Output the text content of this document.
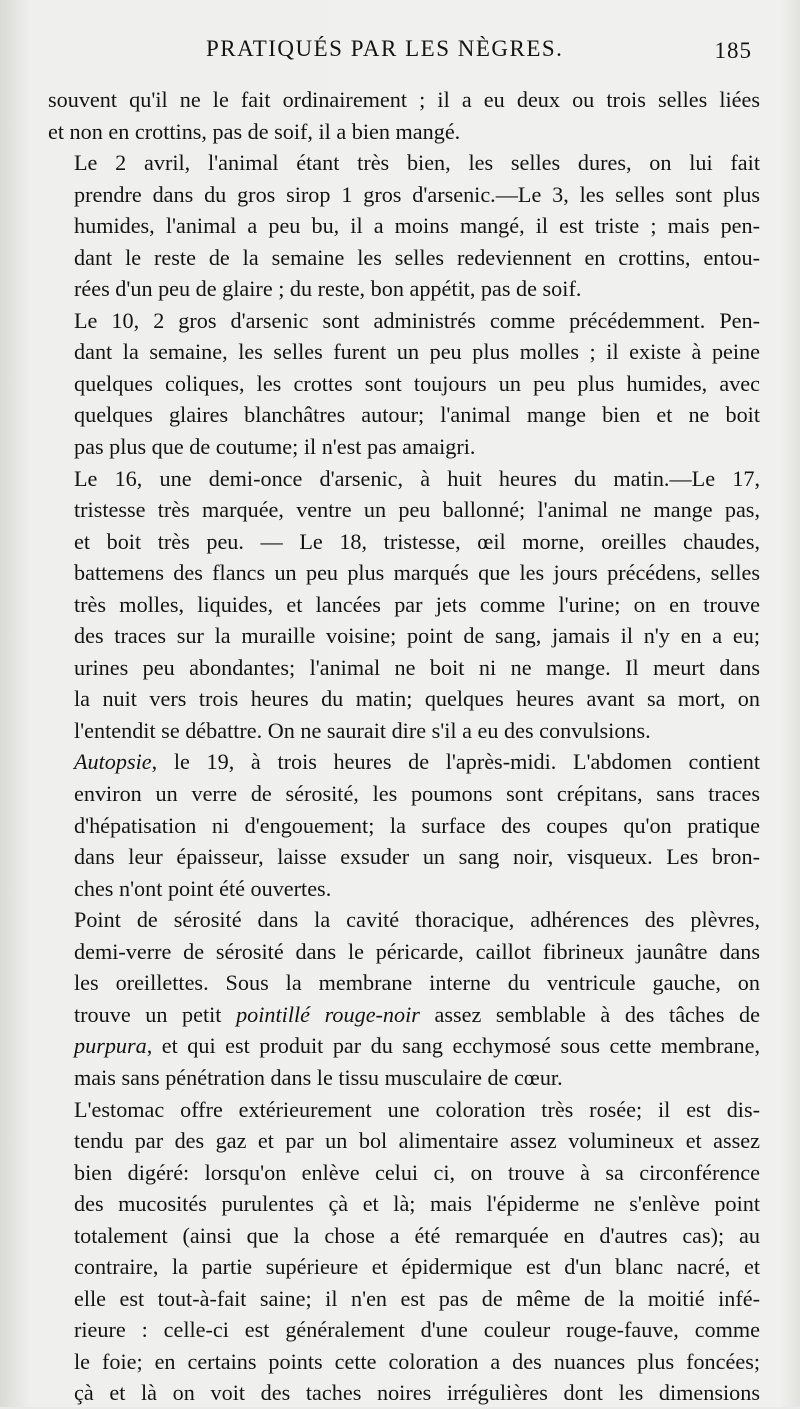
PRATIQUÉS PAR LES NÈGRES.	185

souvent qu'il ne le fait ordinairement ; il a eu deux ou trois selles liées
et non en crottins, pas de soif, il a bien mangé.

Le 2 avril, l'animal étant très bien, les selles dures, on lui fait
prendre dans du gros sirop 1 gros d'arsenic.—Le 3, les selles sont plus
humides, l'animal a peu bu, il a moins mangé, il est triste ; mais pen-
dant le reste de la semaine les selles redeviennent en crottins, entou-
rées d'un peu de glaire ; du reste, bon appétit, pas de soif.

Le 10, 2 gros d'arsenic sont administrés comme précédemment. Pen-
dant la semaine, les selles furent un peu plus molles ; il existe à peine
quelques coliques, les crottes sont toujours un peu plus humides, avec
quelques glaires blanchâtres autour; l'animal mange bien et ne boit
pas plus que de coutume; il n'est pas amaigri.

Le 16, une demi-once d'arsenic, à huit heures du matin.—Le 17,
tristesse très marquée, ventre un peu ballonné; l'animal ne mange pas,
et boit très peu. — Le 18, tristesse, œil morne, oreilles chaudes,
battemens des flancs un peu plus marqués que les jours précédens, selles
très molles, liquides, et lancées par jets comme l'urine; on en trouve
des traces sur la muraille voisine; point de sang, jamais il n'y en a eu;
urines peu abondantes; l'animal ne boit ni ne mange. Il meurt dans
la nuit vers trois heures du matin; quelques heures avant sa mort, on
l'entendit se débattre. On ne saurait dire s'il a eu des convulsions.

Autopsie, le 19, à trois heures de l'après-midi. L'abdomen contient
environ un verre de sérosité, les poumons sont crépitans, sans traces
d'hépatisation ni d'engouement; la surface des coupes qu'on pratique
dans leur épaisseur, laisse exsuder un sang noir, visqueux. Les bron-
ches n'ont point été ouvertes.

Point de sérosité dans la cavité thoracique, adhérences des plèvres,
demi-verre de sérosité dans le péricarde, caillot fibrineux jaunâtre dans
les oreillettes. Sous la membrane interne du ventricule gauche, on
trouve un petit pointillé rouge-noir assez semblable à des tâches de
purpura, et qui est produit par du sang ecchymosé sous cette membrane,
mais sans pénétration dans le tissu musculaire de cœur.

L'estomac offre extérieurement une coloration très rosée; il est dis-
tendu par des gaz et par un bol alimentaire assez volumineux et assez
bien digéré: lorsqu'on enlève celui ci, on trouve à sa circonférence
des mucosités purulentes çà et là; mais l'épiderme ne s'enlève point
totalement (ainsi que la chose a été remarquée en d'autres cas); au
contraire, la partie supérieure et épidermique est d'un blanc nacré, et
elle est tout-à-fait saine; il n'en est pas de même de la moitié infé-
rieure : celle-ci est généralement d'une couleur rouge-fauve, comme
le foie; en certains points cette coloration a des nuances plus foncées;
çà et là on voit des taches noires irrégulières dont les dimensions
